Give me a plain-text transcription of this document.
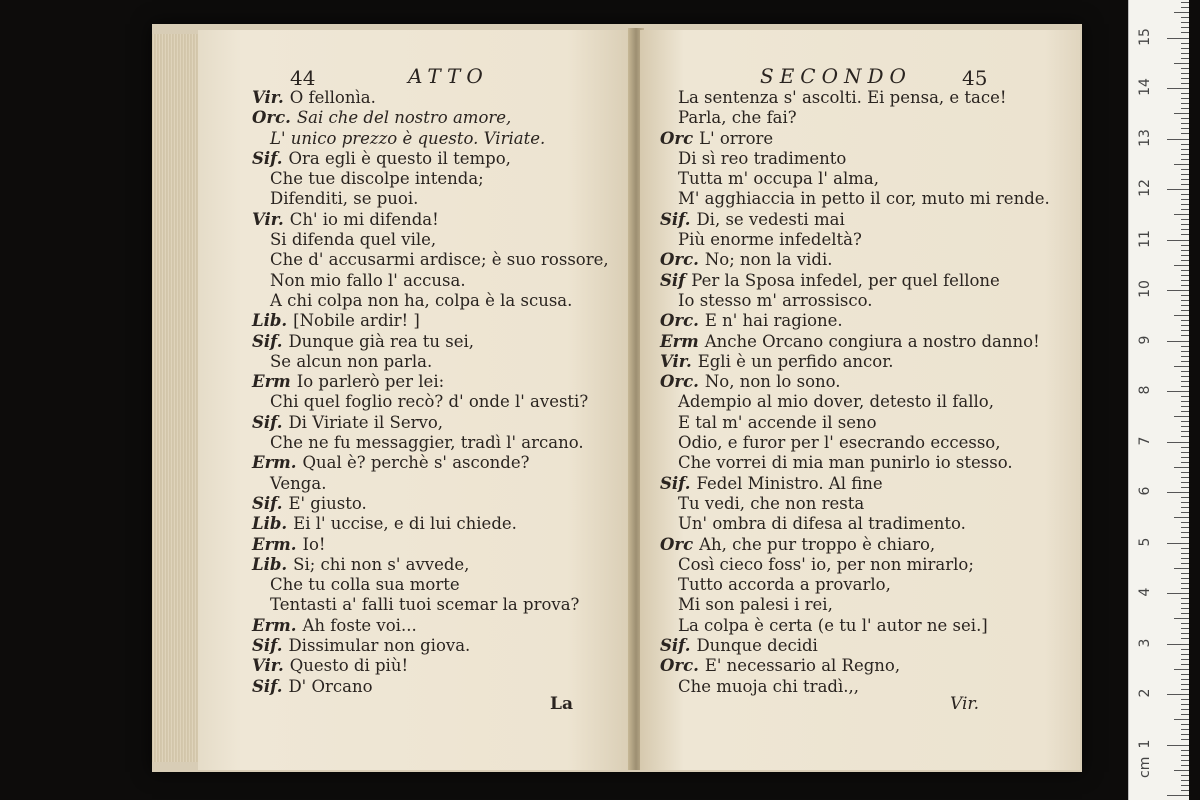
44	ATTO
Vir. O fellonìa.
Orc. Sai che del nostro amore,
L' unico prezzo è questo. Viriate.
Sif. Ora egli è questo il tempo,
Che tue discolpe intenda;
Difenditi, se puoi.
Vir. Ch' io mi difenda!
Si difenda quel vile,
Che d' accusarmi ardisce; è suo rossore,
Non mio fallo l' accusa.
A chi colpa non ha, colpa è la scusa.
Lib. [Nobile ardir! ]
Sif. Dunque già rea tu sei,
Se alcun non parla.
Erm Io parlerò per lei:
Chi quel foglio recò? d' onde l' avesti?
Sif. Di Viriate il Servo,
Che ne fu messaggier, tradì l' arcano.
Erm. Qual è? perchè s' asconde?
Venga.
Sif. E' giusto.
Lib. Ei l' uccise, e di lui chiede.
Erm. Io!
Lib. Si; chi non s' avvede,
Che tu colla sua morte
Tentasti a' falli tuoi scemar la prova?
Erm. Ah foste voi...
Sif. Dissimular non giova.
Vir. Questo di più!
Sif. D' Orcano
La
SECONDO	45
La sentenza s' ascolti. Ei pensa, e tace!
Parla, che fai?
Orc L' orrore
Di sì reo tradimento
Tutta m' occupa l' alma,
M' agghiaccia in petto il cor, muto mi rende.
Sif. Di, se vedesti mai
Più enorme infedeltà?
Orc. No; non la vidi.
Sif Per la Sposa infedel, per quel fellone
Io stesso m' arrossisco.
Orc. E n' hai ragione.
Erm Anche Orcano congiura a nostro danno!
Vir. Egli è un perfido ancor.
Orc. No, non lo sono.
Adempio al mio dover, detesto il fallo,
E tal m' accende il seno
Odio, e furor per l' esecrando eccesso,
Che vorrei di mia man punirlo io stesso.
Sif. Fedel Ministro. Al fine
Tu vedi, che non resta
Un' ombra di difesa al tradimento.
Orc Ah, che pur troppo è chiaro,
Così cieco foss' io, per non mirarlo;
Tutto accorda a provarlo,
Mi son palesi i rei,
La colpa è certa (e tu l' autor ne sei.]
Sif. Dunque decidi
Orc. E' necessario al Regno,
Che muoja chi tradì.,,
Vir.
15
14
13
12
11
10
9
8
7
6
5
4
3
2
1
cm
